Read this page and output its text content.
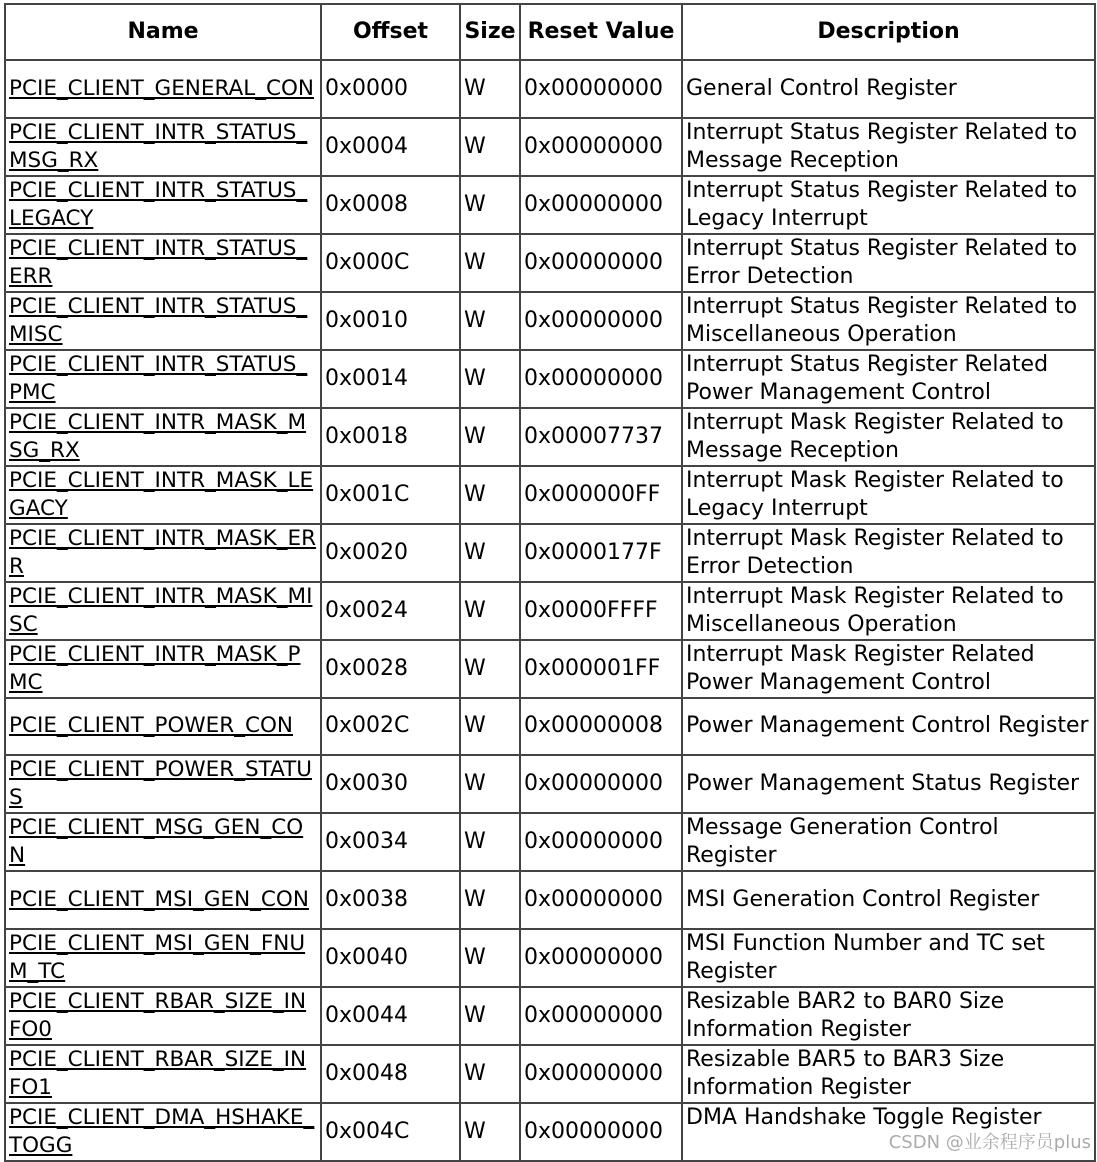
Name	Offset	Size	Reset Value	Description
PCIE_CLIENT_GENERAL_CON	0x0000	W	0x00000000	General Control Register
PCIE_CLIENT_INTR_STATUS_MSG_RX	0x0004	W	0x00000000	Interrupt Status Register Related to Message Reception
PCIE_CLIENT_INTR_STATUS_LEGACY	0x0008	W	0x00000000	Interrupt Status Register Related to Legacy Interrupt
PCIE_CLIENT_INTR_STATUS_ERR	0x000C	W	0x00000000	Interrupt Status Register Related to Error Detection
PCIE_CLIENT_INTR_STATUS_MISC	0x0010	W	0x00000000	Interrupt Status Register Related to Miscellaneous Operation
PCIE_CLIENT_INTR_STATUS_PMC	0x0014	W	0x00000000	Interrupt Status Register Related Power Management Control
PCIE_CLIENT_INTR_MASK_MSG_RX	0x0018	W	0x00007737	Interrupt Mask Register Related to Message Reception
PCIE_CLIENT_INTR_MASK_LEGACY	0x001C	W	0x000000FF	Interrupt Mask Register Related to Legacy Interrupt
PCIE_CLIENT_INTR_MASK_ERR	0x0020	W	0x0000177F	Interrupt Mask Register Related to Error Detection
PCIE_CLIENT_INTR_MASK_MISC	0x0024	W	0x0000FFFF	Interrupt Mask Register Related to Miscellaneous Operation
PCIE_CLIENT_INTR_MASK_PMC	0x0028	W	0x000001FF	Interrupt Mask Register Related Power Management Control
PCIE_CLIENT_POWER_CON	0x002C	W	0x00000008	Power Management Control Register
PCIE_CLIENT_POWER_STATUS	0x0030	W	0x00000000	Power Management Status Register
PCIE_CLIENT_MSG_GEN_CON	0x0034	W	0x00000000	Message Generation Control Register
PCIE_CLIENT_MSI_GEN_CON	0x0038	W	0x00000000	MSI Generation Control Register
PCIE_CLIENT_MSI_GEN_FNUM_TC	0x0040	W	0x00000000	MSI Function Number and TC set Register
PCIE_CLIENT_RBAR_SIZE_INFO0	0x0044	W	0x00000000	Resizable BAR2 to BAR0 Size Information Register
PCIE_CLIENT_RBAR_SIZE_INFO1	0x0048	W	0x00000000	Resizable BAR5 to BAR3 Size Information Register
PCIE_CLIENT_DMA_HSHAKE_TOGG	0x004C	W	0x00000000	DMA Handshake Toggle Register
CSDN @业余程序员plus
